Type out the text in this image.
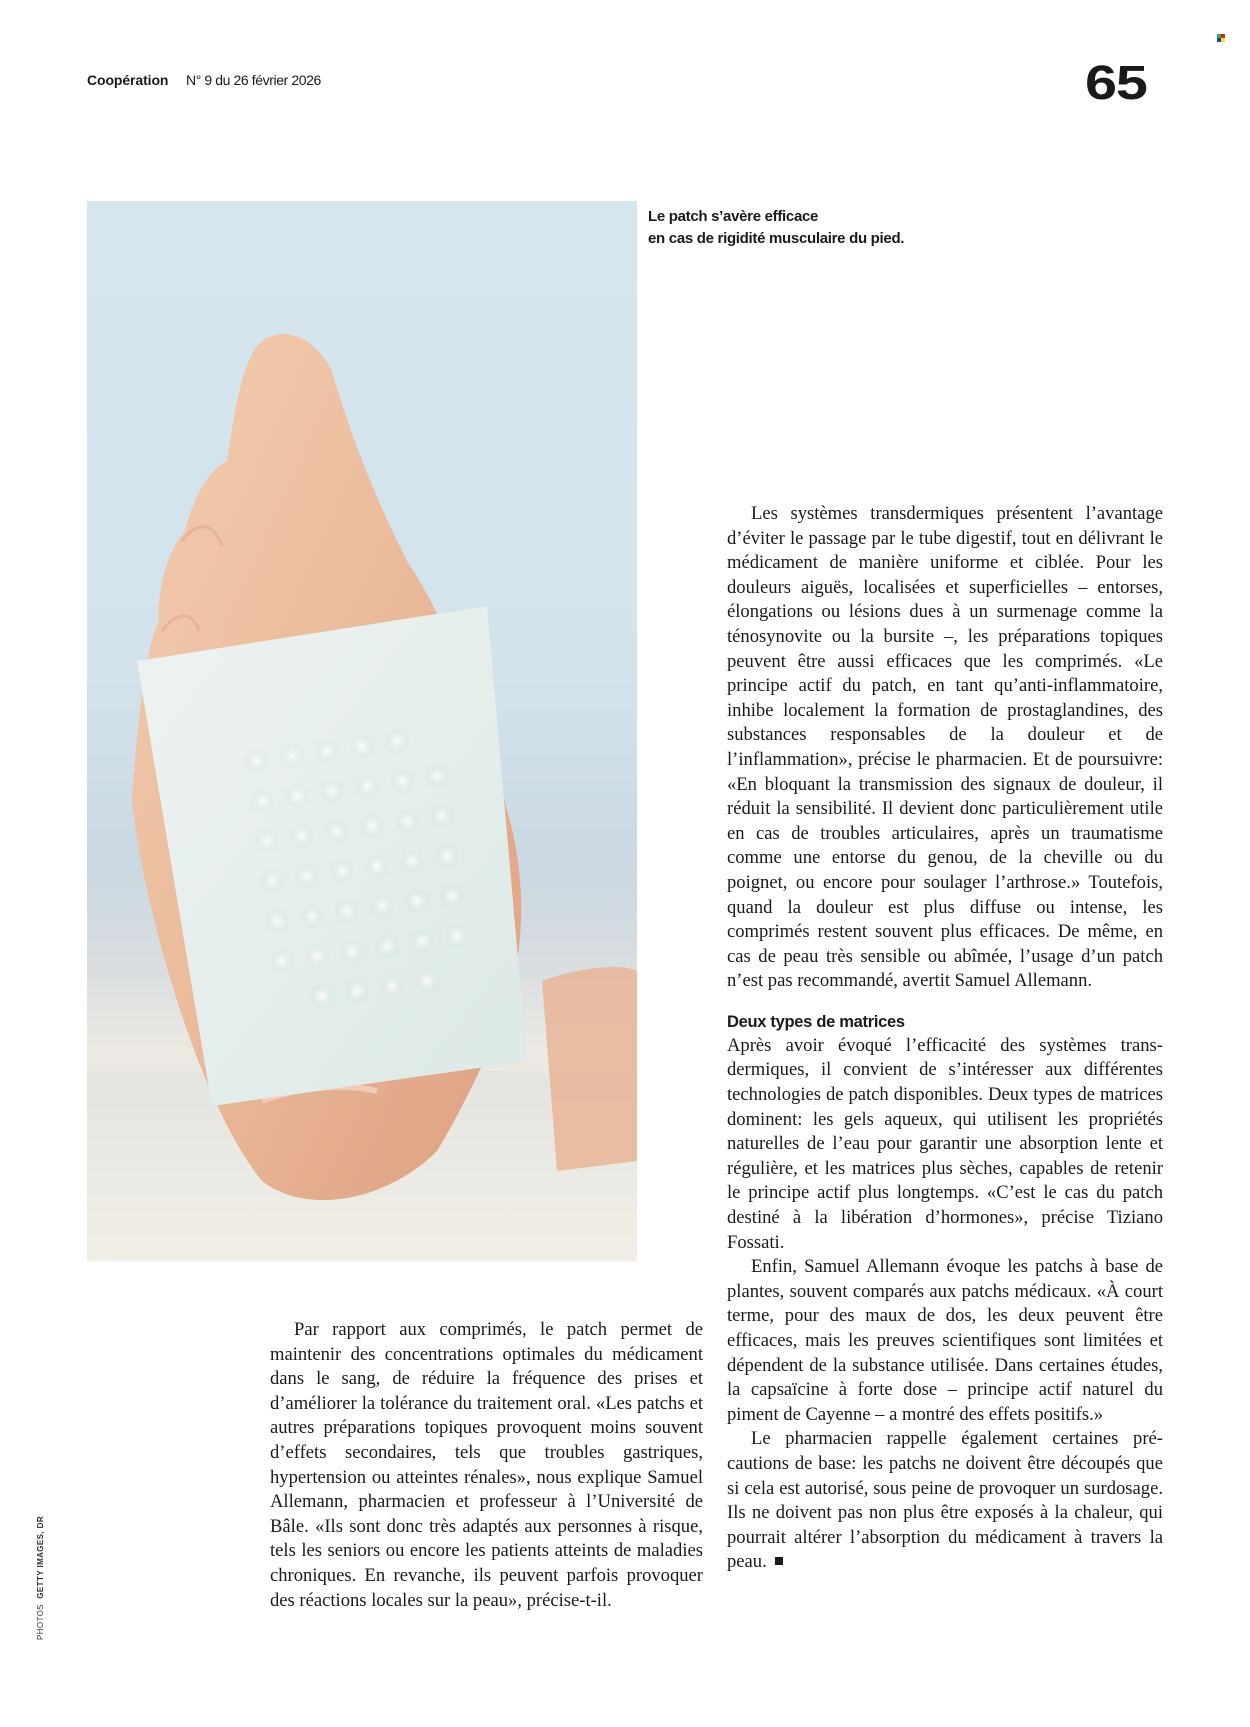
Coopération N° 9 du 26 février 2026	65
Le patch s’avère efficace
en cas de rigidité musculaire du pied.

Les systèmes transdermiques présentent l’avantage d’éviter le passage par le tube digestif, tout en délivrant le médicament de manière uniforme et ciblée. Pour les douleurs aiguës, localisées et superficielles – entorses, élongations ou lésions dues à un surmenage comme la ténosynovite ou la bursite –, les préparations topiques peuvent être aussi efficaces que les comprimés. «Le principe actif du patch, en tant qu’anti-inflammatoire, inhibe localement la formation de prostaglandines, des substances responsables de la douleur et de l’inflammation», précise le pharmacien. Et de poursuivre: «En bloquant la transmission des signaux de douleur, il réduit la sensibilité. Il devient donc particulièrement utile en cas de troubles articulaires, après un traumatisme comme une entorse du genou, de la cheville ou du poignet, ou encore pour soulager l’arthrose.» Toutefois, quand la douleur est plus diffuse ou intense, les comprimés restent souvent plus efficaces. De même, en cas de peau très sensible ou abîmée, l’usage d’un patch n’est pas recommandé, avertit Samuel Allemann.

Deux types de matrices

Après avoir évoqué l’efficacité des systèmes transdermiques, il convient de s’intéresser aux différentes technologies de patch disponibles. Deux types de matrices dominent: les gels aqueux, qui utilisent les propriétés naturelles de l’eau pour garantir une absorption lente et régulière, et les matrices plus sèches, capables de retenir le principe actif plus longtemps. «C’est le cas du patch destiné à la libération d’hormones», précise Tiziano Fossati.

Enfin, Samuel Allemann évoque les patchs à base de plantes, souvent comparés aux patchs médicaux. «À court terme, pour des maux de dos, les deux peuvent être efficaces, mais les preuves scientifiques sont limitées et dépendent de la substance utilisée. Dans certaines études, la capsaïcine à forte dose – principe actif naturel du piment de Cayenne – a montré des effets positifs.»

Le pharmacien rappelle également certaines précautions de base: les patchs ne doivent être découpés que si cela est autorisé, sous peine de provoquer un surdosage. Ils ne doivent pas non plus être exposés à la chaleur, qui pourrait altérer l’absorption du médicament à travers la peau.

Par rapport aux comprimés, le patch permet de maintenir des concentrations optimales du médicament dans le sang, de réduire la fréquence des prises et d’améliorer la tolérance du traitement oral. «Les patchs et autres préparations topiques provoquent moins souvent d’effets secondaires, tels que troubles gastriques, hypertension ou atteintes rénales», nous explique Samuel Allemann, pharmacien et professeur à l’Université de Bâle. «Ils sont donc très adaptés aux personnes à risque, tels les seniors ou encore les patients atteints de maladies chroniques. En revanche, ils peuvent parfois provoquer des réactions locales sur la peau», précise-t-il.

PHOTOS  GETTY IMAGES, DR
